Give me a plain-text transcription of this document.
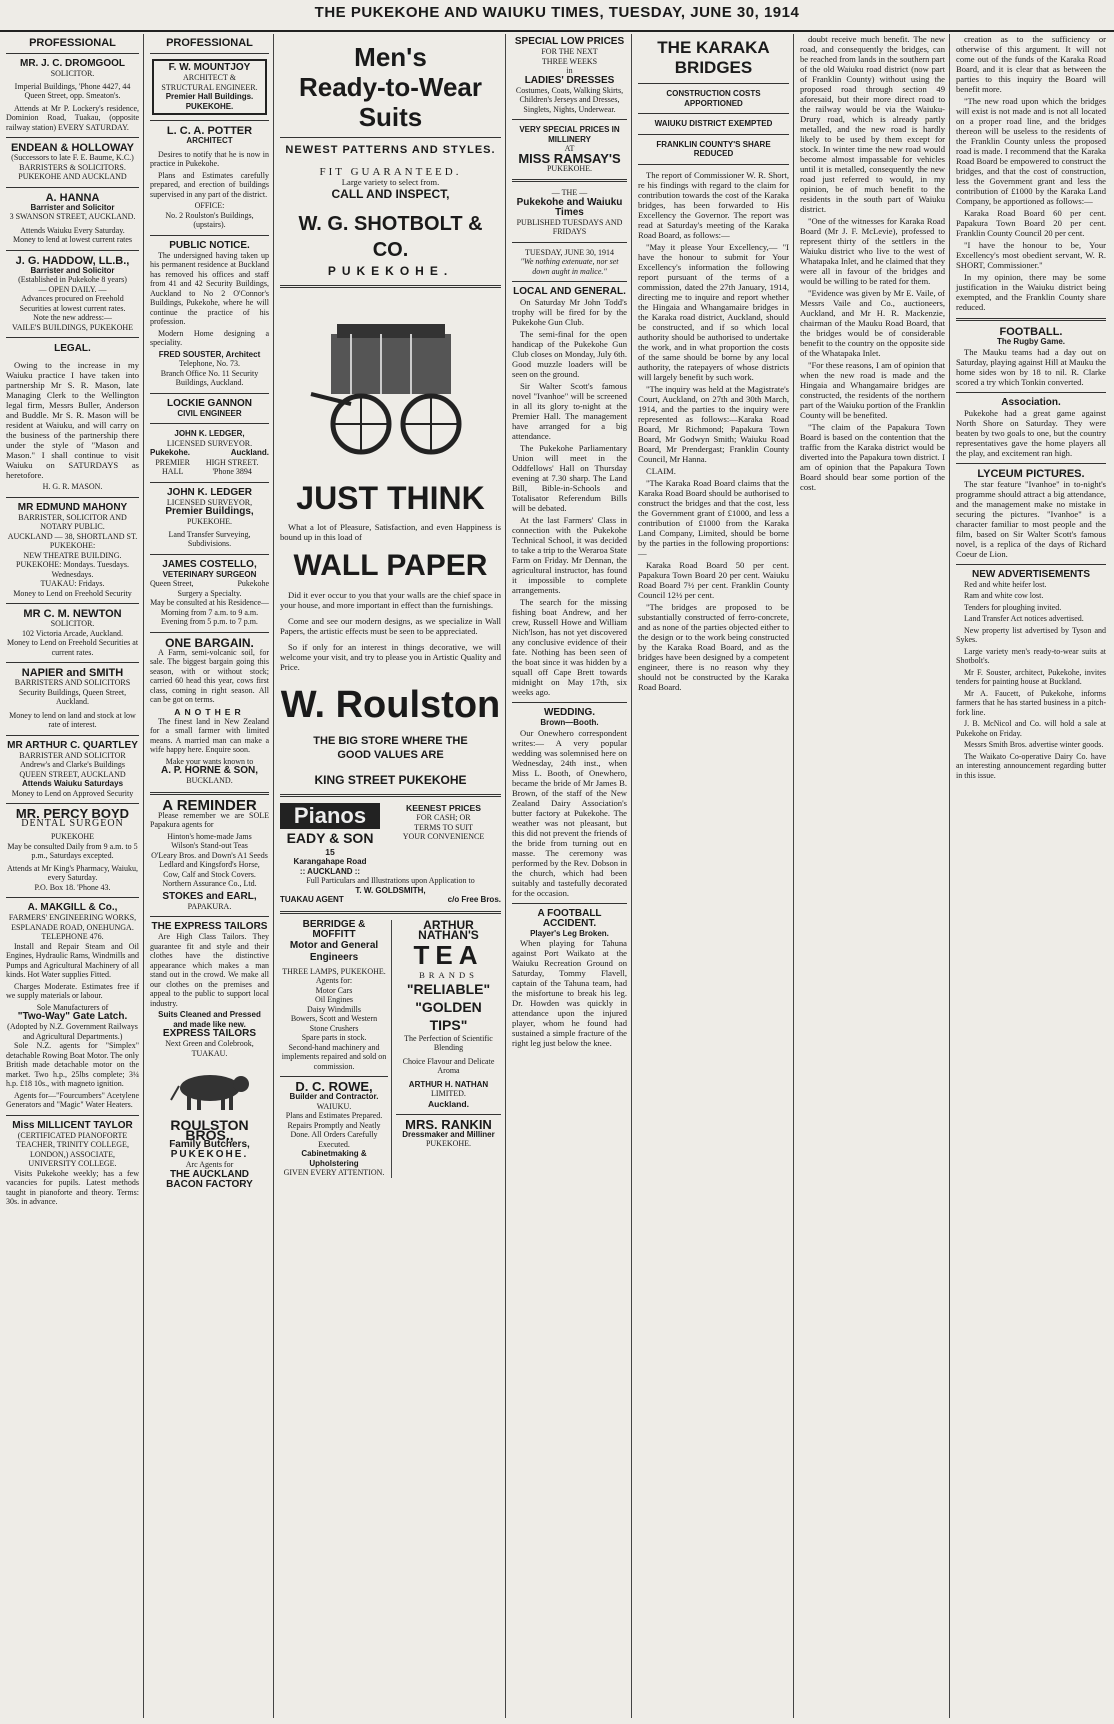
THE PUKEKOHE AND WAIUKU TIMES, TUESDAY, JUNE 30, 1914
PROFESSIONAL
MR. J. C. DROMGOOL
SOLICITOR.
Imperial Buildings, 'Phone 4427, 44 Queen Street, opp. Smeaton's.
Attends at Mr P. Lockery's residence, Dominion Road, Tuakau, (opposite railway station) EVERY SATURDAY.
ENDEAN & HOLLOWAY
(Successors to late F. E. Baume, K.C.)
BARRISTERS & SOLICITORS.
PUKEKOHE AND AUCKLAND
A. HANNA
Barrister and Solicitor
3 SWANSON STREET, AUCKLAND.
Attends Waiuku Every Saturday.
Money to lend at lowest current rates
J. G. HADDOW, LL.B.,
Barrister and Solicitor
(Established in Pukekohe 8 years)
— OPEN DAILY. —
Advances procured on Freehold Securities at lowest current rates.
Note the new address:—
VAILE'S BUILDINGS, PUKEKOHE
LEGAL.
Owing to the increase in my Waiuku practice I have taken into partnership Mr S. R. Mason, late Managing Clerk to the Wellington legal firm, Messrs Buller, Anderson and Buddle. Mr S. R. Mason will be resident at Waiuku, and will carry on the business of the partnership there under the style of "Mason and Mason." I shall continue to visit Waiuku on SATURDAYS as heretofore.
H. G. R. MASON.
MR EDMUND MAHONY
BARRISTER, SOLICITOR AND NOTARY PUBLIC.
AUCKLAND — 38, SHORTLAND ST.
PUKEKOHE:
NEW THEATRE BUILDING.
PUKEKOHE: Mondays. Tuesdays. Wednesdays.
TUAKAU: Fridays.
Money to Lend on Freehold Security
MR C. M. NEWTON
SOLICITOR.
102 Victoria Arcade, Auckland.
Money to Lend on Freehold Securities at current rates.
NAPIER and SMITH
BARRISTERS AND SOLICITORS
Security Buildings, Queen Street, Auckland.
Money to lend on land and stock at low rate of interest.
MR ARTHUR C. QUARTLEY
BARRISTER AND SOLICITOR
Andrew's and Clarke's Buildings QUEEN STREET, AUCKLAND
Attends Waiuku Saturdays
Money to Lend on Approved Security
MR. PERCY BOYD
DENTAL SURGEON
PUKEKOHE
May be consulted Daily from 9 a.m. to 5 p.m., Saturdays excepted.
Attends at Mr King's Pharmacy, Waiuku, every Saturday.
P.O. Box 18. 'Phone 43.
A. MAKGILL & Co.,
FARMERS' ENGINEERING WORKS, ESPLANADE ROAD, ONEHUNGA.
TELEPHONE 476.
Install and Repair Steam and Oil Engines, Hydraulic Rams, Windmills and Pumps and Agricultural Machinery of all kinds. Hot Water supplies Fitted.
Charges Moderate. Estimates free if we supply materials or labour.
Sole Manufacturers of
"Two-Way" Gate Latch.
(Adopted by N.Z. Government Railways and Agricultural Departments.)
Sole N.Z. agents for "Simplex" detachable Rowing Boat Motor. The only British made detachable motor on the market. Two h.p., 25lbs complete; 3¼ h.p. £18 10s., with magneto ignition.
Agents for—"Fourcumbers" Acetylene Generators and "Magic" Water Heaters.
Miss MILLICENT TAYLOR
(CERTIFICATED PIANOFORTE TEACHER, TRINITY COLLEGE, LONDON,) ASSOCIATE, UNIVERSITY COLLEGE.
Visits Pukekohe weekly; has a few vacancies for pupils. Latest methods taught in pianoforte and theory. Terms: 30s. in advance.
PROFESSIONAL
F. W. MOUNTJOY
ARCHITECT & STRUCTURAL ENGINEER.
Premier Hall Buildings.
PUKEKOHE.
L. C. A. POTTER
ARCHITECT
Desires to notify that he is now in practice in Pukekohe.
Plans and Estimates carefully prepared, and erection of buildings supervised in any part of the district.
OFFICE:
No. 2 Roulston's Buildings, (upstairs).
PUBLIC NOTICE.
The undersigned having taken up his permanent residence at Buckland has removed his offices and staff from 41 and 42 Security Buildings, Auckland to No 2 O'Connor's Buildings, Pukekohe, where he will continue the practice of his profession.
Modern Home designing a speciality.
FRED SOUSTER, Architect
Telephone, No. 73.
Branch Office No. 11 Security Buildings, Auckland.
LOCKIE GANNON
CIVIL ENGINEER
JOHN K. LEDGER,
LICENSED SURVEYOR.
Pukekohe.	Auckland.
PREMIER HALL
HIGH STREET. 'Phone 3894
JOHN K. LEDGER
LICENSED SURVEYOR,
Premier Buildings,
PUKEKOHE.
Land Transfer Surveying, Subdivisions.
JAMES COSTELLO,
VETERINARY SURGEON
Queen Street,	Pukekohe
Surgery a Specialty.
May be consulted at his Residence—
Morning from 7 a.m. to 9 a.m.
Evening from 5 p.m. to 7 p.m.
ONE BARGAIN.
A Farm, semi-volcanic soil, for sale. The biggest bargain going this season, with or without stock; carried 60 head this year, cows first class, coming in right season. All can be got on terms.
ANOTHER
The finest land in New Zealand for a small farmer with limited means. A married man can make a wife happy here. Enquire soon.
Make your wants known to
A. P. HORNE & SON,
BUCKLAND.
A REMINDER
Please remember we are SOLE Papakura agents for
Hinton's home-made Jams
Wilson's Stand-out Teas
O'Leary Bros. and Down's A1 Seeds
Ledlard and Kingsford's Horse, Cow, Calf and Stock Covers.
Northern Assurance Co., Ltd.
STOKES and EARL,
PAPAKURA.
THE EXPRESS TAILORS
Are High Class Tailors. They guarantee fit and style and their clothes have the distinctive appearance which makes a man stand out in the crowd. We make all our clothes on the premises and appeal to the public to support local industry.
Suits Cleaned and Pressed and made like new.
EXPRESS TAILORS
Next Green and Colebrook, TUAKAU.
ROULSTON BROS.,
Family Butchers,
PUKEKOHE.
Arc Agents for
THE AUCKLAND
BACON FACTORY
Men's
Ready-to-Wear Suits
NEWEST PATTERNS AND STYLES.
FIT GUARANTEED.
Large variety to select from.
CALL AND INSPECT,
W. G. SHOTBOLT & CO.
PUKEKOHE.
JUST THINK
What a lot of Pleasure, Satisfaction, and even Happiness is bound up in this load of
WALL PAPER
Did it ever occur to you that your walls are the chief space in your house, and more important in effect than the furnishings.
Come and see our modern designs, as we specialize in Wall Papers, the artistic effects must be seen to be appreciated.
So if only for an interest in things decorative, we will welcome your visit, and try to please you in Artistic Quality and Price.
W. Roulston
THE BIG STORE WHERE THE
GOOD VALUES ARE
KING STREET PUKEKOHE
Pianos
EADY & SON
15
Karangahape Road
:: AUCKLAND ::
KEENEST PRICES
FOR CASH; OR
TERMS TO SUIT
YOUR CONVENIENCE
Full Particulars and Illustrations upon Application to
T. W. GOLDSMITH,
TUAKAU AGENT	c/o Free Bros.
BERRIDGE & MOFFITT
Motor and General Engineers
THREE LAMPS, PUKEKOHE.
Agents for:
Motor Cars
Oil Engines
Daisy Windmills
Bowers, Scott and Western
Stone Crushers
Spare parts in stock.
Second-hand machinery and implements repaired and sold on commission.
D. C. ROWE,
Builder and Contractor.
WAIUKU.
Plans and Estimates Prepared. Repairs Promptly and Neatly Done. All Orders Carefully Executed.
Cabinetmaking & Upholstering
GIVEN EVERY ATTENTION.
ARTHUR NATHAN'S
TEA
BRANDS
"RELIABLE"
"GOLDEN TIPS"
The Perfection of Scientific Blending
Choice Flavour and Delicate Aroma
ARTHUR H. NATHAN
LIMITED.
Auckland.
MRS. RANKIN
Dressmaker and Milliner
PUKEKOHE.
SPECIAL LOW PRICES
FOR THE NEXT
THREE WEEKS
in
LADIES' DRESSES
Costumes, Coats, Walking Skirts, Children's Jerseys and Dresses, Singlets, Nights, Underwear.
VERY SPECIAL PRICES IN MILLINERY
AT
MISS RAMSAY'S
PUKEKOHE.
— THE —
Pukekohe and Waiuku Times
PUBLISHED TUESDAYS AND FRIDAYS
TUESDAY, JUNE 30, 1914
"We nothing extenuate, nor set down aught in malice."
LOCAL AND GENERAL.
On Saturday Mr John Todd's trophy will be fired for by the Pukekohe Gun Club.
The semi-final for the open handicap of the Pukekohe Gun Club closes on Monday, July 6th. Good muzzle loaders will be seen on the ground.
Sir Walter Scott's famous novel "Ivanhoe" will be screened in all its glory to-night at the Premier Hall. The management have arranged for a big attendance.
The Pukekohe Parliamentary Union will meet in the Oddfellows' Hall on Thursday evening at 7.30 sharp. The Land Bill, Bible-in-Schools and Totalisator Referendum Bills will be debated.
At the last Farmers' Class in connection with the Pukekohe Technical School, it was decided to take a trip to the Weraroa State Farm on Friday. Mr Dennan, the agricultural instructor, has found it impossible to complete arrangements.
The search for the missing fishing boat Andrew, and her crew, Russell Howe and William Nich'lson, has not yet discovered any conclusive evidence of their fate. Nothing has been seen of the boat since it was hidden by a squall off Cape Brett towards midnight on May 17th, six weeks ago.
WEDDING.
Brown—Booth.
Our Onewhero correspondent writes:— A very popular wedding was solemnised here on Wednesday, 24th inst., when Miss L. Booth, of Onewhero, became the bride of Mr James B. Brown, of the staff of the New Zealand Dairy Association's butter factory at Pukekohe. The weather was not pleasant, but this did not prevent the friends of the bride from turning out en masse. The ceremony was performed by the Rev. Dobson in the church, which had been suitably and tastefully decorated for the occasion.
A FOOTBALL ACCIDENT.
Player's Leg Broken.
When playing for Tahuna against Port Waikato at the Waiuku Recreation Ground on Saturday, Tommy Flavell, captain of the Tahuna team, had the misfortune to break his leg. Dr. Howden was quickly in attendance upon the injured player, whom he found had sustained a simple fracture of the right leg just below the knee.
THE KARAKA BRIDGES
CONSTRUCTION COSTS APPORTIONED
WAIUKU DISTRICT EXEMPTED
FRANKLIN COUNTY'S SHARE REDUCED
The report of Commissioner W. R. Short, re his findings with regard to the claim for contribution towards the cost of the Karaka bridges, has been forwarded to His Excellency the Governor. The report was read at Saturday's meeting of the Karaka Road Board, as follows:—
"May it please Your Excellency,— "I have the honour to submit for Your Excellency's information the following report pursuant of the terms of a commission, dated the 27th January, 1914, directing me to inquire and report whether the Hingaia and Whangamaire bridges in the Karaka road district, Auckland, should be constructed, and if so which local authority should be authorised to undertake the work, and in what proportion the costs of the same should be borne by any local authority, the ratepayers of whose districts will largely benefit by such work.
"The inquiry was held at the Magistrate's Court, Auckland, on 27th and 30th March, 1914, and the parties to the inquiry were represented as follows:—Karaka Road Board, Mr Richmond; Papakura Town Board, Mr Godwyn Smith; Waiuku Road Board, Mr Prendergast; Franklin County Council, Mr Hanna.
CLAIM.
"The Karaka Road Board claims that the Karaka Road Board should be authorised to construct the bridges and that the cost, less the Government grant of £1000, and less a contribution of £1000 from the Karaka Land Company, Limited, should be borne by the parties in the following proportions:—
Karaka Road Board 50 per cent. Papakura Town Board 20 per cent. Waiuku Road Board 7½ per cent. Franklin County Council 12½ per cent.
"The bridges are proposed to be substantially constructed of ferro-concrete, and as none of the parties objected either to the design or to the work being constructed by the Karaka Road Board, and as the bridges have been designed by a competent engineer, there is no reason why they should not be constructed by the Karaka Road Board.
doubt receive much benefit. The new road, and consequently the bridges, can be reached from lands in the southern part of the old Waiuku road district (now part of Franklin County) without using the proposed road through section 49 aforesaid, but their more direct road to the railway would be via the Waiuku-Drury road, which is already partly metalled, and the new road is hardly likely to be used by them except for stock. In winter time the new road would become almost impassable for vehicles until it is metalled, consequently the new road just referred to would, in my opinion, be of much benefit to the residents in the south part of Waiuku district.
"One of the witnesses for Karaka Road Board (Mr J. F. McLevie), professed to represent thirty of the settlers in the Waiuku district who live to the west of Whatapaka Inlet, and he claimed that they were all in favour of the bridges and would be willing to be rated for them.
"Evidence was given by Mr E. Vaile, of Messrs Vaile and Co., auctioneers, Auckland, and Mr H. R. Mackenzie, chairman of the Mauku Road Board, that the bridges would be of considerable benefit to the country on the opposite side of the Whatapaka Inlet.
"For these reasons, I am of opinion that when the new road is made and the Hingaia and Whangamaire bridges are constructed, the residents of the northern part of the Waiuku portion of the Franklin County will be benefited.
"The claim of the Papakura Town Board is based on the contention that the traffic from the Karaka district would be diverted into the Papakura town district. I am of opinion that the Papakura Town Board should bear some portion of the cost.
creation as to the sufficiency or otherwise of this argument. It will not come out of the funds of the Karaka Road Board, and it is clear that as between the parties to this inquiry the Board will benefit more.
"The new road upon which the bridges will exist is not made and is not all located on a proper road line, and the bridges thereon will be useless to the residents of the Franklin County unless the proposed road is made. I recommend that the Karaka Road Board be empowered to construct the bridges, and that the cost of construction, less the Government grant and less the contribution of £1000 by the Karaka Land Company, be apportioned as follows:—
Karaka Road Board 60 per cent. Papakura Town Board 20 per cent. Franklin County Council 20 per cent.
"I have the honour to be, Your Excellency's most obedient servant, W. R. SHORT, Commissioner."
In my opinion, there may be some justification in the Waiuku district being exempted, and the Franklin County share reduced.
FOOTBALL.
The Rugby Game.
The Mauku teams had a day out on Saturday, playing against Hill at Mauku the home sides won by 18 to nil. R. Clarke scored a try which Tonkin converted.
Association.
Pukekohe had a great game against North Shore on Saturday. They were beaten by two goals to one, but the country representatives gave the home players all the play, and excitement ran high.
LYCEUM PICTURES.
The star feature "Ivanhoe" in to-night's programme should attract a big attendance, and the management make no mistake in securing the pictures. "Ivanhoe" is a character familiar to most people and the film, based on Sir Walter Scott's famous novel, is a replica of the days of Richard Coeur de Lion.
NEW ADVERTISEMENTS
Red and white heifer lost.
Ram and white cow lost.
Tenders for ploughing invited.
Land Transfer Act notices advertised.
New property list advertised by Tyson and Sykes.
Large variety men's ready-to-wear suits at Shotbolt's.
Mr F. Souster, architect, Pukekohe, invites tenders for painting house at Buckland.
Mr A. Faucett, of Pukekohe, informs farmers that he has started business in a pitch-fork line.
J. B. McNicol and Co. will hold a sale at Pukekohe on Friday.
Messrs Smith Bros. advertise winter goods.
The Waikato Co-operative Dairy Co. have an interesting announcement regarding butter in this issue.
